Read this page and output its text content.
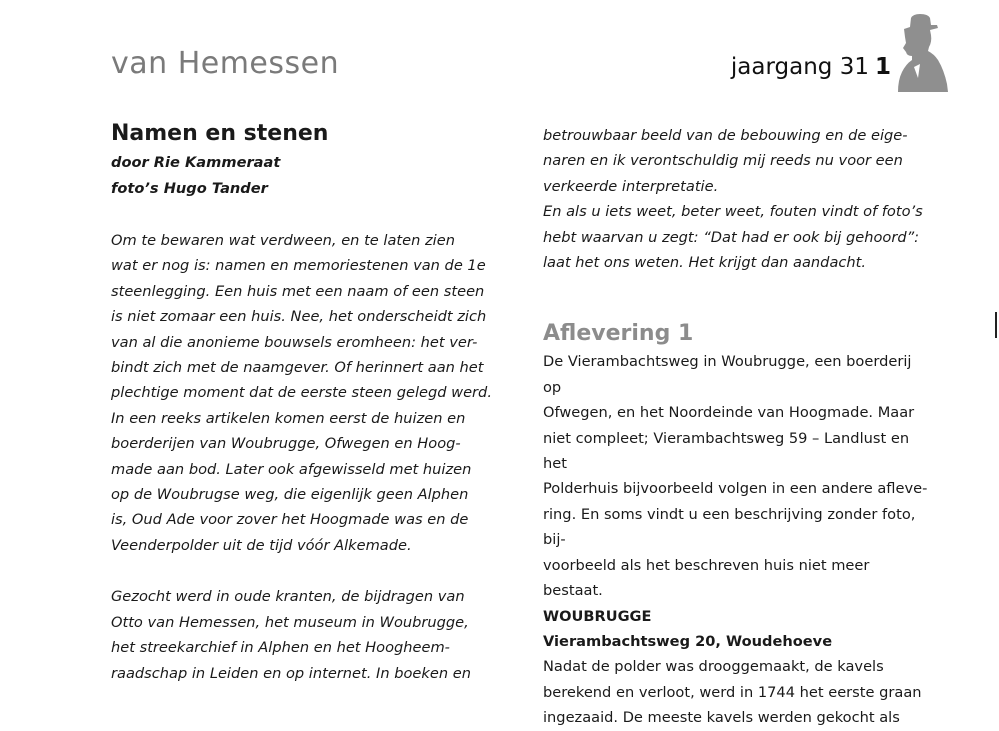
van Hemessen	jaargang 31 1
Namen en stenen

door Rie Kammeraat

foto’s Hugo Tander

Om te bewaren wat verdween, en te laten zien

wat er nog is: namen en memoriestenen van de 1e

steenlegging. Een huis met een naam of een steen

is niet zomaar een huis. Nee, het onderscheidt zich

van al die anonieme bouwsels eromheen: het ver-

bindt zich met de naamgever. Of herinnert aan het

plechtige moment dat de eerste steen gelegd werd.

In een reeks artikelen komen eerst de huizen en

boerderijen van Woubrugge, Ofwegen en Hoog-

made aan bod. Later ook afgewisseld met huizen

op de Woubrugse weg, die eigenlijk geen Alphen

is, Oud Ade voor zover het Hoogmade was en de

Veenderpolder uit de tijd vóór Alkemade.

Gezocht werd in oude kranten, de bijdragen van

Otto van Hemessen, het museum in Woubrugge,

het streekarchief in Alphen en het Hoogheem-

raadschap in Leiden en op internet. In boeken en

betrouwbaar beeld van de bebouwing en de eige-

naren en ik verontschuldig mij reeds nu voor een

verkeerde interpretatie.

En als u iets weet, beter weet, fouten vindt of foto’s

hebt waarvan u zegt: “Dat had er ook bij gehoord”:

laat het ons weten. Het krijgt dan aandacht.

Aflevering 1

De Vierambachtsweg in Woubrugge, een boerderij op

Ofwegen, en het Noordeinde van Hoogmade. Maar

niet compleet; Vierambachtsweg 59 – Landlust en het

Polderhuis bijvoorbeeld volgen in een andere aflеve-

ring. En soms vindt u een beschrijving zonder foto, bij-

voorbeeld als het beschreven huis niet meer bestaat.

WOUBRUGGE

Vierambachtsweg 20, Woudehoeve

Nadat de polder was drooggemaakt, de kavels

berekend en verloot, werd in 1744 het eerste graan

ingezaaid. De meeste kavels werden gekocht als
